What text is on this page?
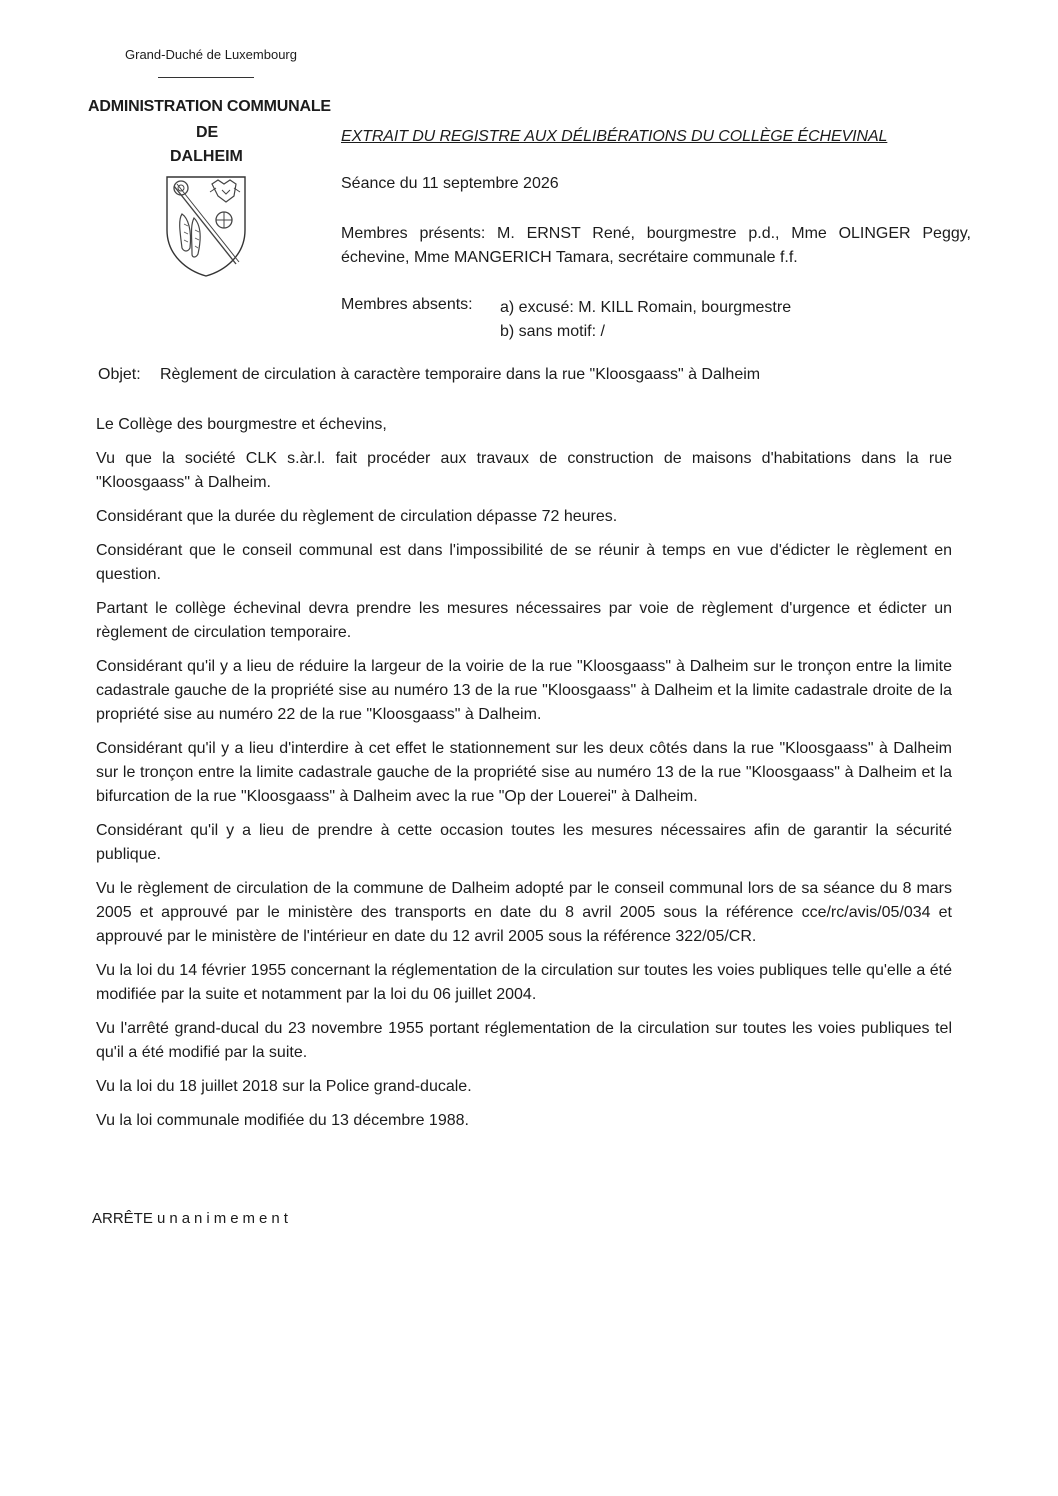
Grand-Duché de Luxembourg
ADMINISTRATION COMMUNALE
DE
DALHEIM
EXTRAIT DU REGISTRE AUX DÉLIBÉRATIONS DU COLLÈGE ÉCHEVINAL
Séance du 11 septembre 2026
Membres présents: M. ERNST René, bourgmestre p.d., Mme OLINGER Peggy, échevine, Mme MANGERICH Tamara, secrétaire communale f.f.
Membres absents: a) excusé: M. KILL Romain, bourgmestre
b) sans motif: /
Objet: Règlement de circulation à caractère temporaire dans la rue "Kloosgaass" à Dalheim

Le Collège des bourgmestre et échevins,

Vu que la société CLK s.àr.l. fait procéder aux travaux de construction de maisons d'habitations dans la rue "Kloosgaass" à Dalheim.

Considérant que la durée du règlement de circulation dépasse 72 heures.

Considérant que le conseil communal est dans l'impossibilité de se réunir à temps en vue d'édicter le règlement en question.

Partant le collège échevinal devra prendre les mesures nécessaires par voie de règlement d'urgence et édicter un règlement de circulation temporaire.

Considérant qu'il y a lieu de réduire la largeur de la voirie de la rue "Kloosgaass" à Dalheim sur le tronçon entre la limite cadastrale gauche de la propriété sise au numéro 13 de la rue "Kloosgaass" à Dalheim et la limite cadastrale droite de la propriété sise au numéro 22 de la rue "Kloosgaass" à Dalheim.

Considérant qu'il y a lieu d'interdire à cet effet le stationnement sur les deux côtés dans la rue "Kloosgaass" à Dalheim sur le tronçon entre la limite cadastrale gauche de la propriété sise au numéro 13 de la rue "Kloosgaass" à Dalheim et la bifurcation de la rue "Kloosgaass" à Dalheim avec la rue "Op der Louerei" à Dalheim.

Considérant qu'il y a lieu de prendre à cette occasion toutes les mesures nécessaires afin de garantir la sécurité publique.

Vu le règlement de circulation de la commune de Dalheim adopté par le conseil communal lors de sa séance du 8 mars 2005 et approuvé par le ministère des transports en date du 8 avril 2005 sous la référence cce/rc/avis/05/034 et approuvé par le ministère de l'intérieur en date du 12 avril 2005 sous la référence 322/05/CR.

Vu la loi du 14 février 1955 concernant la réglementation de la circulation sur toutes les voies publiques telle qu'elle a été modifiée par la suite et notamment par la loi du 06 juillet 2004.

Vu l'arrêté grand-ducal du 23 novembre 1955 portant réglementation de la circulation sur toutes les voies publiques tel qu'il a été modifié par la suite.

Vu la loi du 18 juillet 2018 sur la Police grand-ducale.

Vu la loi communale modifiée du 13 décembre 1988.

ARRÊTE unanimement
